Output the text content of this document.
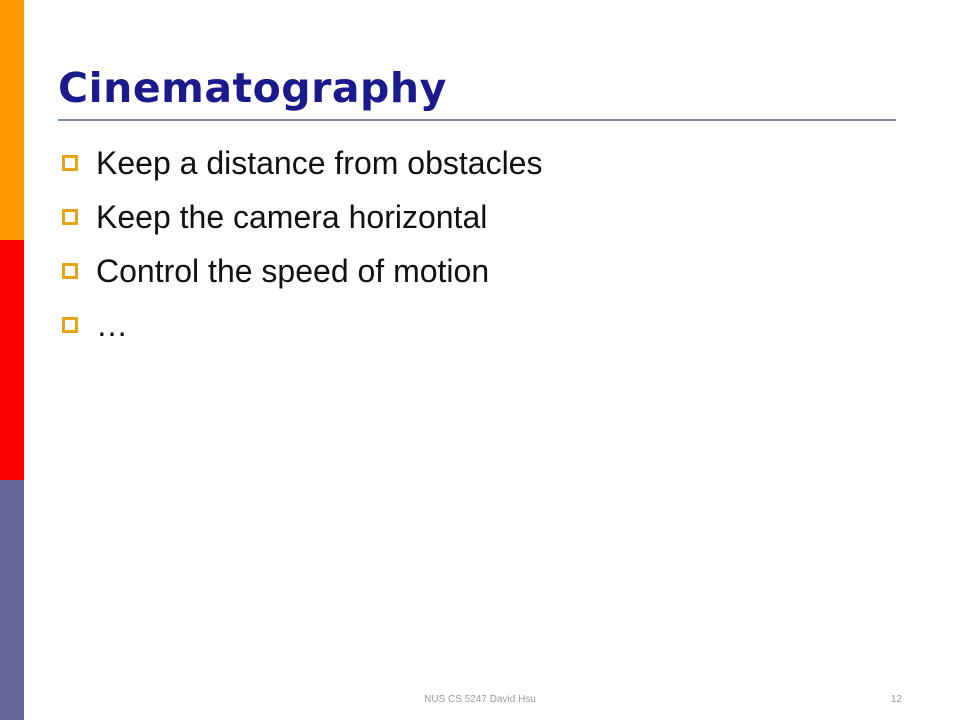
Cinematography
Keep a distance from obstacles
Keep the camera horizontal
Control the speed of motion
…
NUS CS 5247 David Hsu	12
